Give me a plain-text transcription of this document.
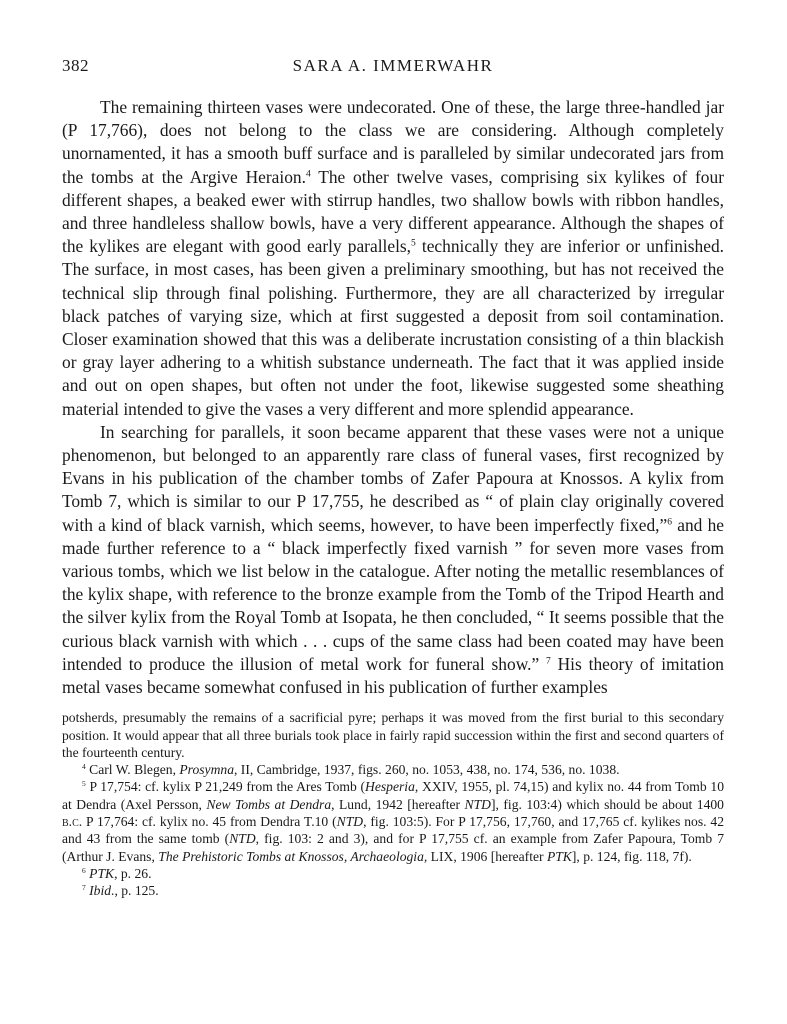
382	SARA A. IMMERWAHR

The remaining thirteen vases were undecorated. One of these, the large three-handled jar (P 17,766), does not belong to the class we are considering. Although completely unornamented, it has a smooth buff surface and is paralleled by similar undecorated jars from the tombs at the Argive Heraion.$^4$ The other twelve vases, comprising six kylikes of four different shapes, a beaked ewer with stirrup handles, two shallow bowls with ribbon handles, and three handleless shallow bowls, have a very different appearance. Although the shapes of the kylikes are elegant with good early parallels,$^5$ technically they are inferior or unfinished. The surface, in most cases, has been given a preliminary smoothing, but has not received the technical slip through final polishing. Furthermore, they are all characterized by irregular black patches of varying size, which at first suggested a deposit from soil contamination. Closer examination showed that this was a deliberate incrustation consisting of a thin blackish or gray layer adhering to a whitish substance underneath. The fact that it was applied inside and out on open shapes, but often not under the foot, likewise suggested some sheathing material intended to give the vases a very different and more splendid appearance.

In searching for parallels, it soon became apparent that these vases were not a unique phenomenon, but belonged to an apparently rare class of funeral vases, first recognized by Evans in his publication of the chamber tombs of Zafer Papoura at Knossos. A kylix from Tomb 7, which is similar to our P 17,755, he described as “ of plain clay originally covered with a kind of black varnish, which seems, however, to have been imperfectly fixed,”$^6$ and he made further reference to a “ black imperfectly fixed varnish ” for seven more vases from various tombs, which we list below in the catalogue. After noting the metallic resemblances of the kylix shape, with reference to the bronze example from the Tomb of the Tripod Hearth and the silver kylix from the Royal Tomb at Isopata, he then concluded, “ It seems possible that the curious black varnish with which . . . cups of the same class had been coated may have been intended to produce the illusion of metal work for funeral show.” $^7$ His theory of imitation metal vases became somewhat confused in his publication of further examples

potsherds, presumably the remains of a sacrificial pyre; perhaps it was moved from the first burial to this secondary position. It would appear that all three burials took place in fairly rapid succession within the first and second quarters of the fourteenth century.

$^4$ Carl W. Blegen, Prosymna, II, Cambridge, 1937, figs. 260, no. 1053, 438, no. 174, 536, no. 1038.

$^5$ P 17,754: cf. kylix P 21,249 from the Ares Tomb (Hesperia, XXIV, 1955, pl. 74,15) and kylix no. 44 from Tomb 10 at Dendra (Axel Persson, New Tombs at Dendra, Lund, 1942 [hereafter NTD], fig. 103:4) which should be about 1400 b.c. P 17,764: cf. kylix no. 45 from Dendra T.10 (NTD, fig. 103:5). For P 17,756, 17,760, and 17,765 cf. kylikes nos. 42 and 43 from the same tomb (NTD, fig. 103: 2 and 3), and for P 17,755 cf. an example from Zafer Papoura, Tomb 7 (Arthur J. Evans, The Prehistoric Tombs at Knossos, Archaeologia, LIX, 1906 [hereafter PTK], p. 124, fig. 118, 7f).

$^6$ PTK, p. 26.

$^7$ Ibid., p. 125.
